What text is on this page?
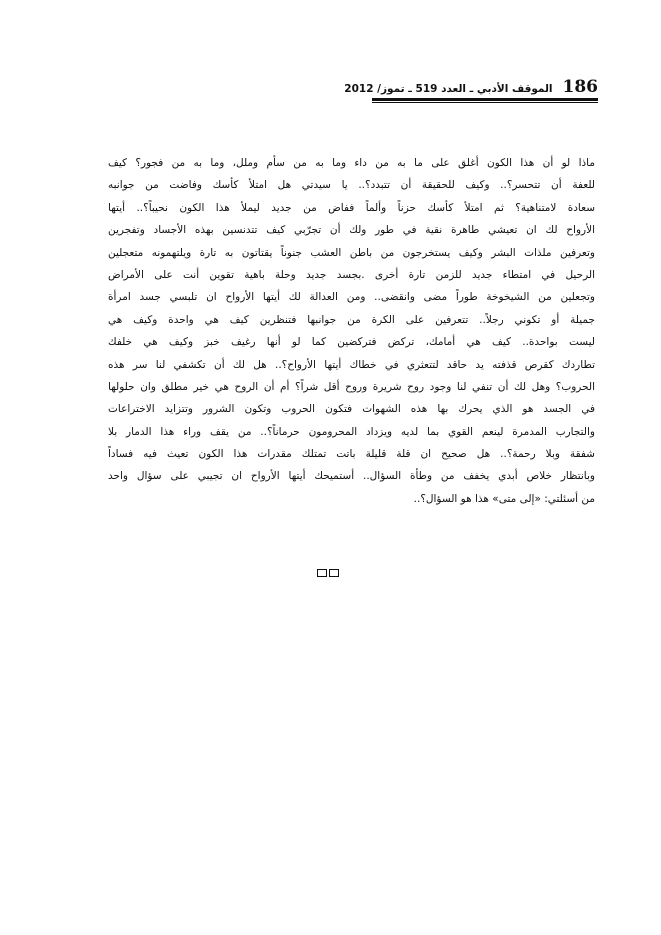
186
الموقف الأدبي ـ العدد 519 ـ تموز/ 2012
ماذا لو أن هذا الكون أغلق على ما به من داء وما به من سأم وملل، وما به من فجور؟ كيف
للعفة أن تتحسر؟.. وكيف للحقيقة أن تتبدد؟.. يا سيدتي هل امتلأ كأسك وفاضت من جوانبه
سعادة لامتناهية؟ ثم امتلأ كأسك حزناً وألماً ففاض من جديد ليملأ هذا الكون نحيباً؟.. أيتها
الأرواح لك ان تعيشي طاهرة نقية في طور ولك أن تجرّبي كيف تتدنسين بهذه الأجساد وتفجرين
وتعرفين ملذات البشر وكيف يستخرجون من باطن العشب جنوناً يقتاتون به تارة ويلتهمونه متعجلين
الرحيل في امتطاء جديد للزمن تارة أخرى .بجسد جديد وحلة باهية تقوين أنت على الأمراض
وتجعلين من الشيخوخة طوراً مضى وانقضى.. ومن العدالة لك أيتها الأرواح ان تلبسي جسد امرأة
جميلة أو تكوني رجلاً.. تتعرفين على الكرة من جوانبها فتنظرين كيف هي واحدة وكيف هي
ليست بواحدة.. كيف هي أمامك، تركض فتركضين كما لو أنها رغيف خبز وكيف هي خلفك
تطاردك كقرص قذفته يد حاقد لتتعثري في خطاك أيتها الأرواح؟.. هل لك أن تكشفي لنا سر هذه
الحروب؟ وهل لك أن تنفي لنا وجود روح شريرة وروح أقل شراً؟ أم أن الروح هي خير مطلق وان حلولها
في الجسد هو الذي يحرك بها هذه الشهوات فتكون الحروب وتكون الشرور وتتزايد الاختراعات
والتجارب المدمرة لينعم القوي بما لديه ويزداد المحرومون حرماناً؟.. من يقف وراء هذا الدمار بلا
شفقة وبلا رحمة؟.. هل صحيح ان قلة قليلة باتت تمتلك مقدرات هذا الكون تعيث فيه فساداً
وبانتظار خلاص أبدي يخفف من وطأة السؤال.. أستميحك أيتها الأرواح ان تجيبي على سؤال واحد
من أسئلتي: «إلى متى» هذا هو السؤال؟..
